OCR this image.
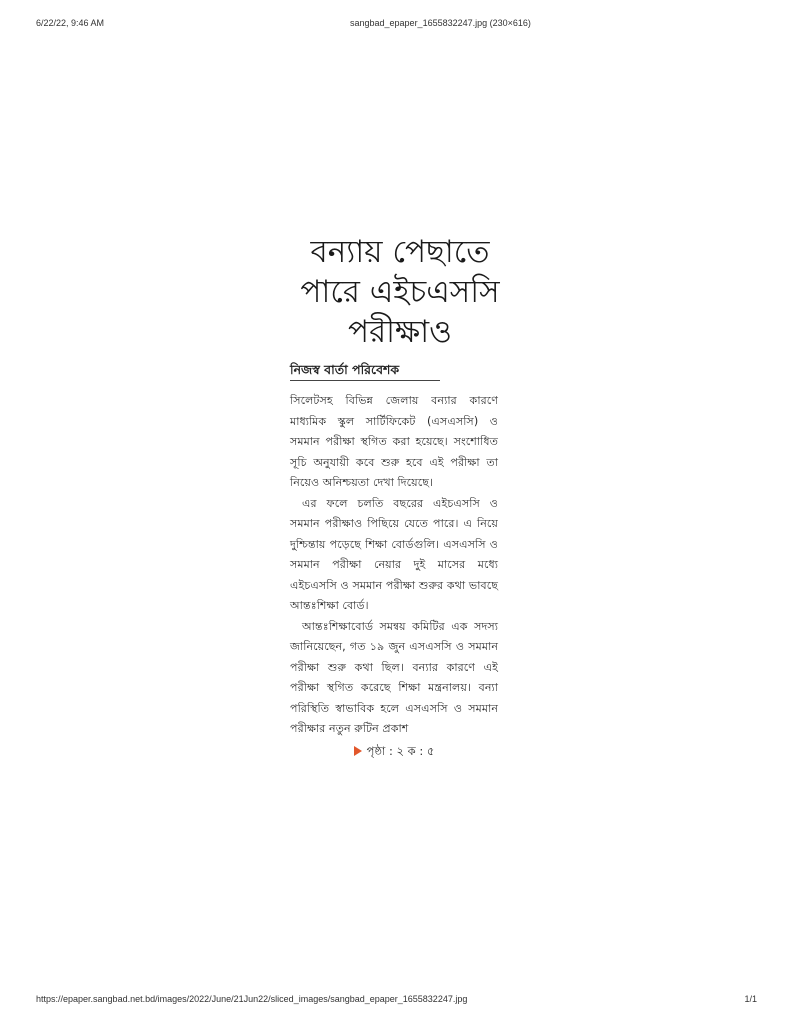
6/22/22, 9:46 AM	sangbad_epaper_1655832247.jpg (230×616)
বন্যায় পেছাতে
পারে এইচএসসি
পরীক্ষাও
নিজস্ব বার্তা পরিবেশক

সিলেটসহ বিভিন্ন জেলায় বন্যার কারণে মাধ্যমিক স্কুল সার্টিফিকেট (এসএসসি) ও সমমান পরীক্ষা স্থগিত করা হয়েছে। সংশোধিত সূচি অনুযায়ী কবে শুরু হবে এই পরীক্ষা তা নিয়েও অনিশ্চয়তা দেখা দিয়েছে।

এর ফলে চলতি বছরের এইচএসসি ও সমমান পরীক্ষাও পিছিয়ে যেতে পারে। এ নিয়ে দুশ্চিন্তায় পড়েছে শিক্ষা বোর্ডগুলি। এসএসসি ও সমমান পরীক্ষা নেয়ার দুই মাসের মধ্যে এইচএসসি ও সমমান পরীক্ষা শুরুর কথা ভাবছে আন্তঃশিক্ষা বোর্ড।

আন্তঃশিক্ষাবোর্ড সমন্বয় কমিটির এক সদস্য জানিয়েছেন, গত ১৯ জুন এসএসসি ও সমমান পরীক্ষা শুরু কথা ছিল। বন্যার কারণে এই পরীক্ষা স্থগিত করেছে শিক্ষা মন্ত্রনালয়। বন্যা পরিস্থিতি স্বাভাবিক হলে এসএসসি ও সমমান পরীক্ষার নতুন রুটিন প্রকাশ

পৃষ্ঠা : ২ ক : ৫
https://epaper.sangbad.net.bd/images/2022/June/21Jun22/sliced_images/sangbad_epaper_1655832247.jpg	1/1
